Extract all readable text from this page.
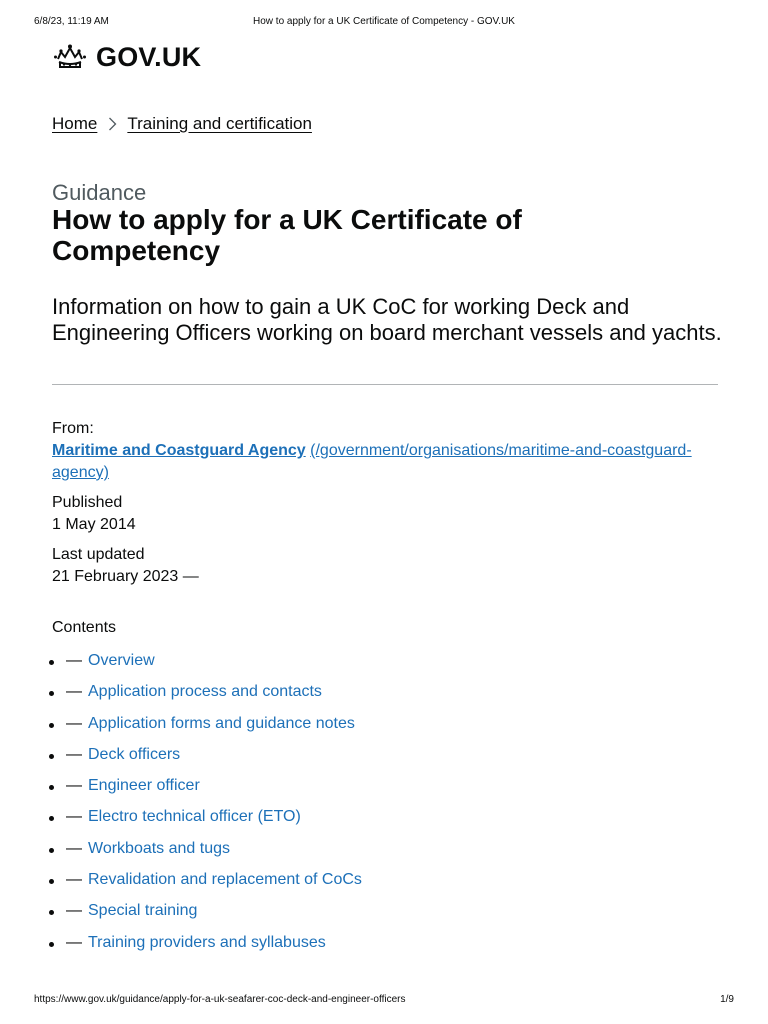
6/8/23, 11:19 AM	How to apply for a UK Certificate of Competency - GOV.UK
GOV.UK
Home Training and certification
Guidance
How to apply for a UK Certificate of Competency

Information on how to gain a UK CoC for working Deck and Engineering Officers working on board merchant vessels and yachts.

From:
Maritime and Coastguard Agency (/government/organisations/maritime-and-coastguard-agency)
Published
1 May 2014
Last updated
21 February 2023 —
Contents
— Overview
— Application process and contacts
— Application forms and guidance notes
— Deck officers
— Engineer officer
— Electro technical officer (ETO)
— Workboats and tugs
— Revalidation and replacement of CoCs
— Special training
— Training providers and syllabuses
https://www.gov.uk/guidance/apply-for-a-uk-seafarer-coc-deck-and-engineer-officers	1/9
